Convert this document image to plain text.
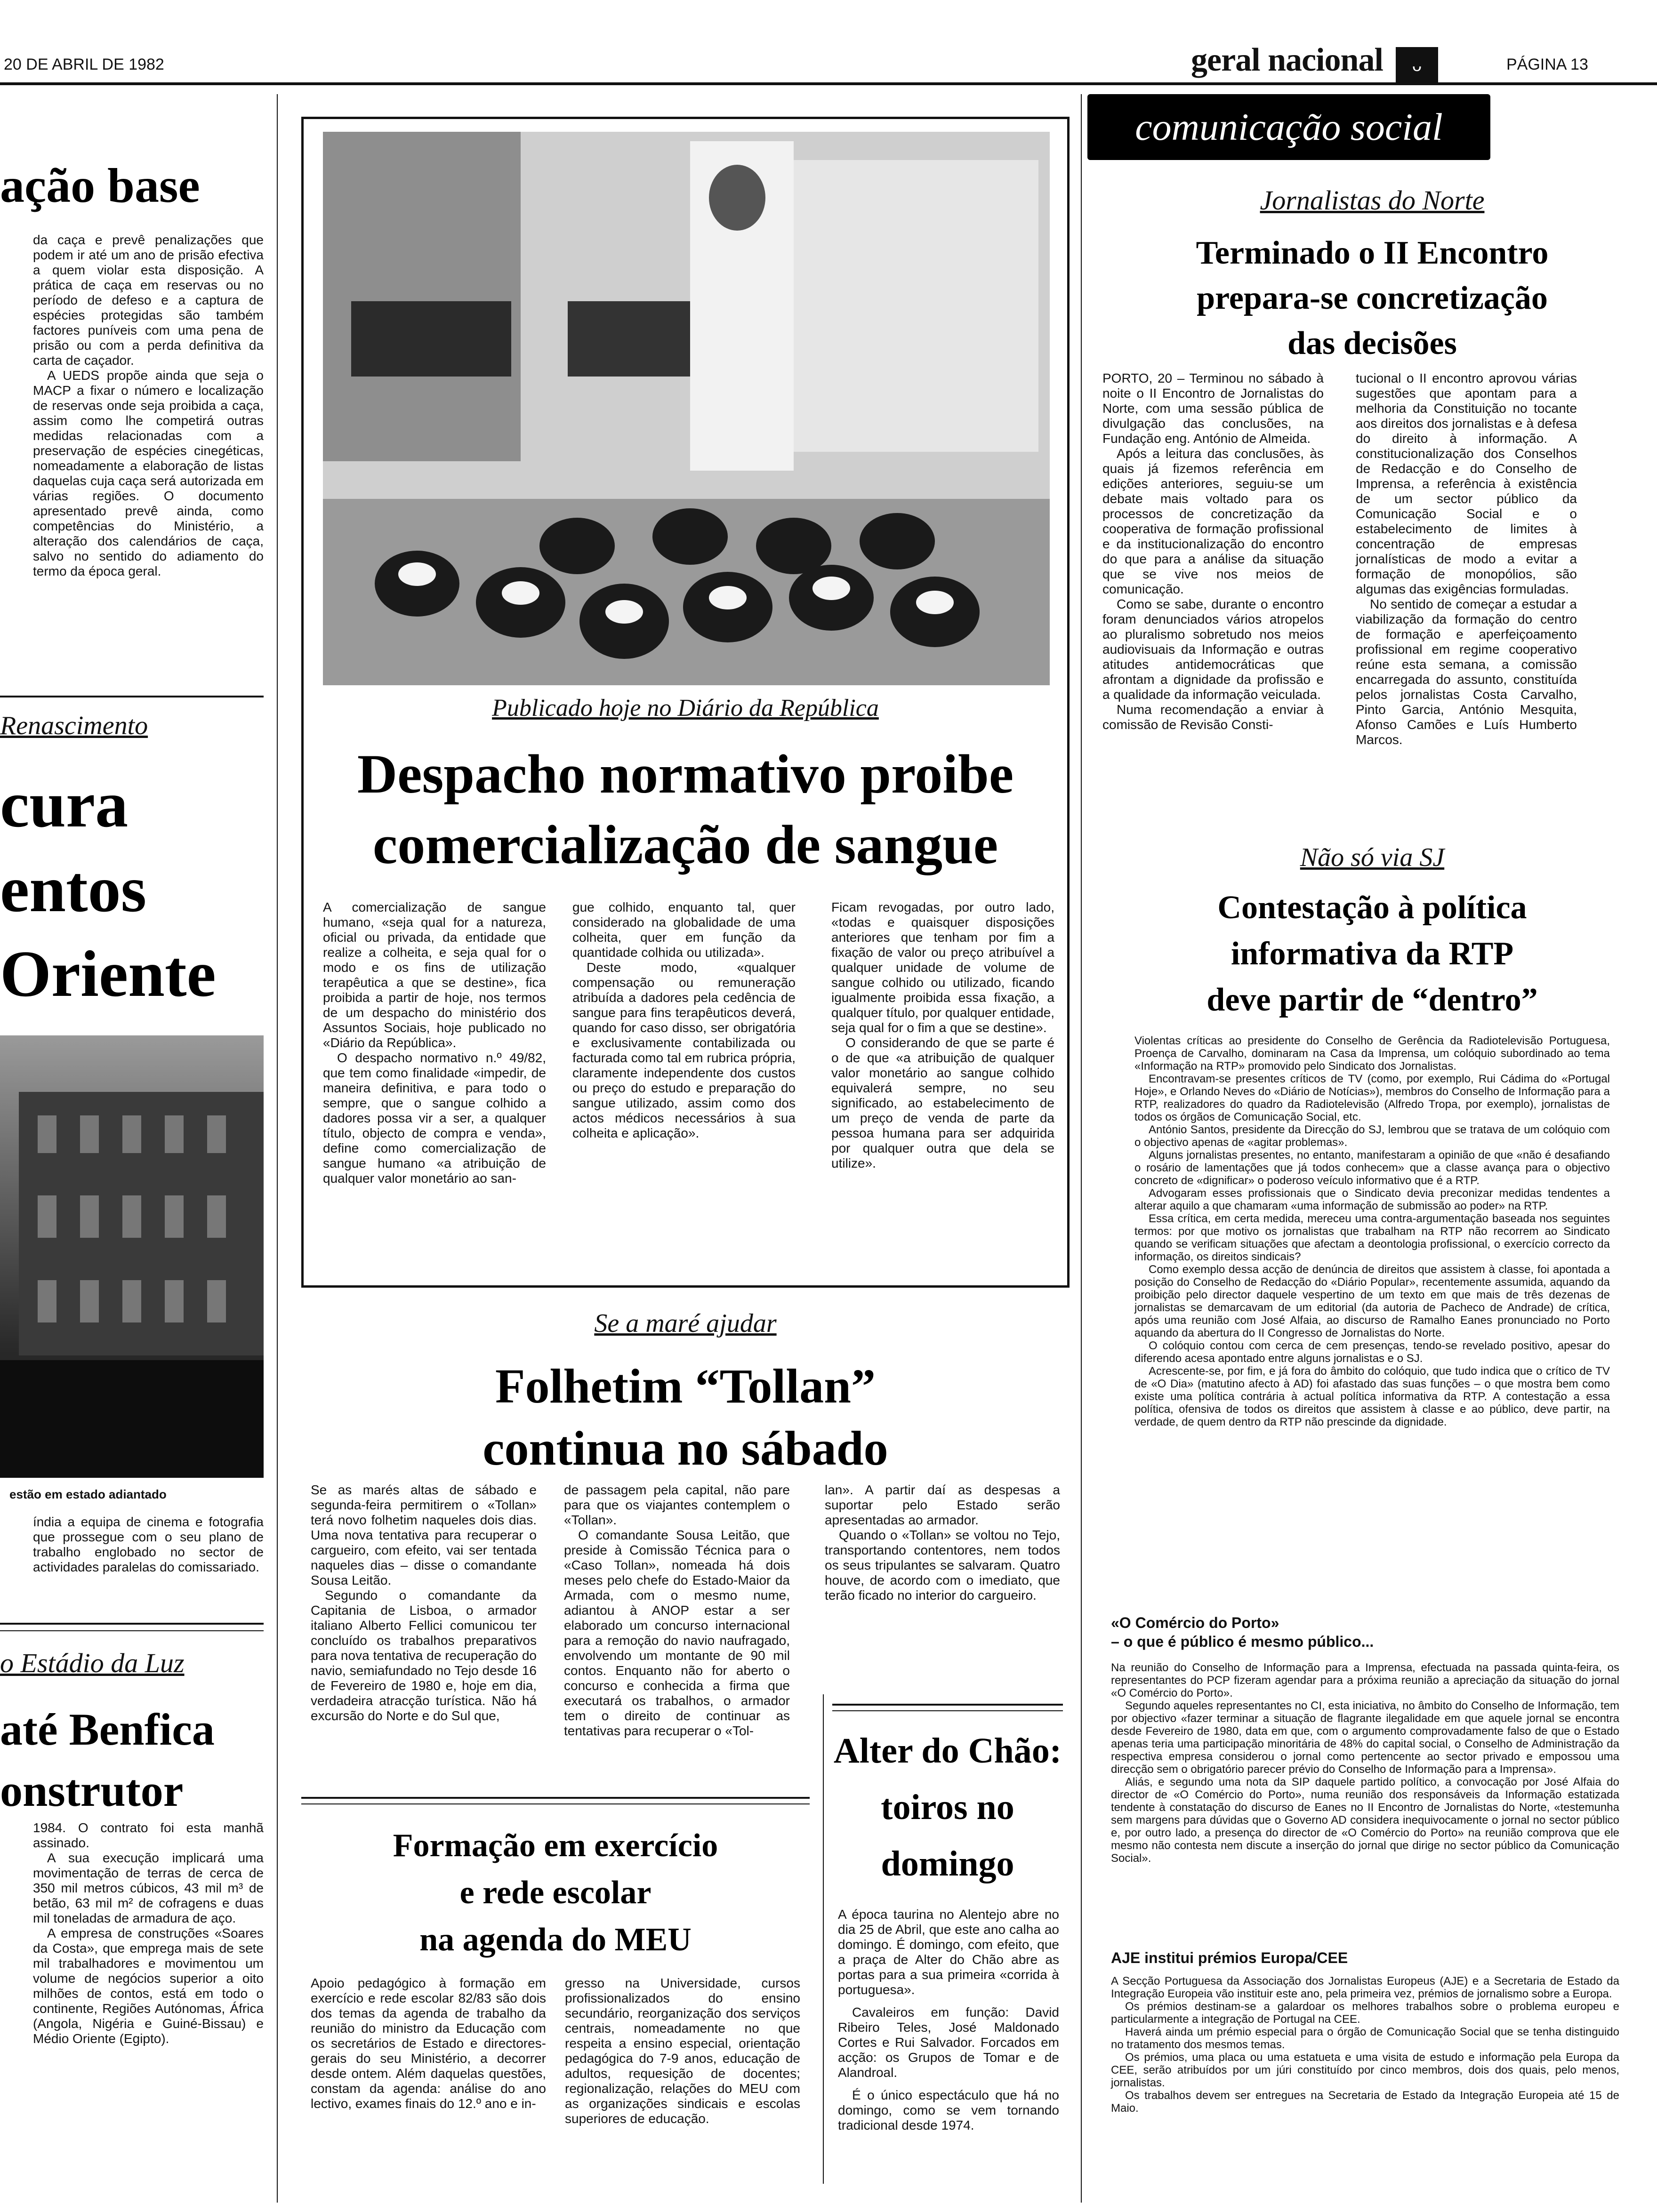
20 DE ABRIL DE 1982	geral nacional	ᴗ	PÁGINA 13
ação base

da caça e prevê penalizações que podem ir até um ano de prisão efectiva a quem violar esta disposição. A prática de caça em reservas ou no período de defeso e a captura de espécies protegidas são também factores puníveis com uma pena de prisão ou com a perda definitiva da carta de caçador.

A UEDS propõe ainda que seja o MACP a fixar o número e localização de reservas onde seja proibida a caça, assim como lhe competirá outras medidas relacionadas com a preservação de espécies cinegéticas, nomeadamente a elaboração de listas daquelas cuja caça será autorizada em várias regiões. O documento apresentado prevê ainda, como competências do Ministério, a alteração dos calendários de caça, salvo no sentido do adiamento do termo da época geral.

Renascimento
cura
entos
Oriente
estão em estado adiantado

índia a equipa de cinema e fotografia que prossegue com o seu plano de trabalho englobado no sector de actividades paralelas do comissariado.

o Estádio da Luz
até Benfica
onstrutor

1984. O contrato foi esta manhã assinado.

A sua execução implicará uma movimentação de terras de cerca de 350 mil metros cúbicos, 43 mil m³ de betão, 63 mil m² de cofragens e duas mil toneladas de armadura de aço.

A empresa de construções «Soares da Costa», que emprega mais de sete mil trabalhadores e movimentou um volume de negócios superior a oito milhões de contos, está em todo o continente, Regiões Autónomas, África (Angola, Nigéria e Guiné-Bissau) e Médio Oriente (Egipto).

Publicado hoje no Diário da República
Despacho normativo proibe
comercialização de sangue

A comercialização de sangue humano, «seja qual for a natureza, oficial ou privada, da entidade que realize a colheita, e seja qual for o modo e os fins de utilização terapêutica a que se destine», fica proibida a partir de hoje, nos termos de um despacho do ministério dos Assuntos Sociais, hoje publicado no «Diário da República».

O despacho normativo n.º 49/82, que tem como finalidade «impedir, de maneira definitiva, e para todo o sempre, que o sangue colhido a dadores possa vir a ser, a qualquer título, objecto de compra e venda», define como comercialização de sangue humano «a atribuição de qualquer valor monetário ao san-

gue colhido, enquanto tal, quer considerado na globalidade de uma colheita, quer em função da quantidade colhida ou utilizada».

Deste modo, «qualquer compensação ou remuneração atribuída a dadores pela cedência de sangue para fins terapêuticos deverá, quando for caso disso, ser obrigatória e exclusivamente contabilizada ou facturada como tal em rubrica própria, claramente independente dos custos ou preço do estudo e preparação do sangue utilizado, assim como dos actos médicos necessários à sua colheita e aplicação».

Ficam revogadas, por outro lado, «todas e quaisquer disposições anteriores que tenham por fim a fixação de valor ou preço atribuível a qualquer unidade de volume de sangue colhido ou utilizado, ficando igualmente proibida essa fixação, a qualquer título, por qualquer entidade, seja qual for o fim a que se destine».

O considerando de que se parte é o de que «a atribuição de qualquer valor monetário ao sangue colhido equivalerá sempre, no seu significado, ao estabelecimento de um preço de venda de parte da pessoa humana para ser adquirida por qualquer outra que dela se utilize».

Se a maré ajudar
Folhetim “Tollan”
continua no sábado

Se as marés altas de sábado e segunda-feira permitirem o «Tollan» terá novo folhetim naqueles dois dias. Uma nova tentativa para recuperar o cargueiro, com efeito, vai ser tentada naqueles dias – disse o comandante Sousa Leitão.

Segundo o comandante da Capitania de Lisboa, o armador italiano Alberto Fellici comunicou ter concluído os trabalhos preparativos para nova tentativa de recuperação do navio, semiafundado no Tejo desde 16 de Fevereiro de 1980 e, hoje em dia, verdadeira atracção turística. Não há excursão do Norte e do Sul que,

de passagem pela capital, não pare para que os viajantes contemplem o «Tollan».

O comandante Sousa Leitão, que preside à Comissão Técnica para o «Caso Tollan», nomeada há dois meses pelo chefe do Estado-Maior da Armada, com o mesmo nume, adiantou à ANOP estar a ser elaborado um concurso internacional para a remoção do navio naufragado, envolvendo um montante de 90 mil contos. Enquanto não for aberto o concurso e conhecida a firma que executará os trabalhos, o armador tem o direito de continuar as tentativas para recuperar o «Tol-

lan». A partir daí as despesas a suportar pelo Estado serão apresentadas ao armador.

Quando o «Tollan» se voltou no Tejo, transportando contentores, nem todos os seus tripulantes se salvaram. Quatro houve, de acordo com o imediato, que terão ficado no interior do cargueiro.

Formação em exercício
e rede escolar
na agenda do MEU

Apoio pedagógico à formação em exercício e rede escolar 82/83 são dois dos temas da agenda de trabalho da reunião do ministro da Educação com os secretários de Estado e directores-gerais do seu Ministério, a decorrer desde ontem. Além daquelas questões, constam da agenda: análise do ano lectivo, exames finais do 12.º ano e in-

gresso na Universidade, cursos profissionalizados do ensino secundário, reorganização dos serviços centrais, nomeadamente no que respeita a ensino especial, orientação pedagógica do 7-9 anos, educação de adultos, requesição de docentes; regionalização, relações do MEU com as organizações sindicais e escolas superiores de educação.

Alter do Chão:
toiros no
domingo

A época taurina no Alentejo abre no dia 25 de Abril, que este ano calha ao domingo. É domingo, com efeito, que a praça de Alter do Chão abre as portas para a sua primeira «corrida à portuguesa».

Cavaleiros em função: David Ribeiro Teles, José Maldonado Cortes e Rui Salvador. Forcados em acção: os Grupos de Tomar e de Alandroal.

É o único espectáculo que há no domingo, como se vem tornando tradicional desde 1974.

comunicação social
Jornalistas do Norte
Terminado o II Encontro
prepara-se concretização
das decisões

PORTO, 20 – Terminou no sábado à noite o II Encontro de Jornalistas do Norte, com uma sessão pública de divulgação das conclusões, na Fundação eng. António de Almeida.

Após a leitura das conclusões, às quais já fizemos referência em edições anteriores, seguiu-se um debate mais voltado para os processos de concretização da cooperativa de formação profissional e da institucionalização do encontro do que para a análise da situação que se vive nos meios de comunicação.

Como se sabe, durante o encontro foram denunciados vários atropelos ao pluralismo sobretudo nos meios audiovisuais da Informação e outras atitudes antidemocráticas que afrontam a dignidade da profissão e a qualidade da informação veiculada.

Numa recomendação a enviar à comissão de Revisão Consti-

tucional o II encontro aprovou várias sugestões que apontam para a melhoria da Constituição no tocante aos direitos dos jornalistas e à defesa do direito à informação. A constitucionalização dos Conselhos de Redacção e do Conselho de Imprensa, a referência à existência de um sector público da Comunicação Social e o estabelecimento de limites à concentração de empresas jornalísticas de modo a evitar a formação de monopólios, são algumas das exigências formuladas.

No sentido de começar a estudar a viabilização da formação do centro de formação e aperfeiçoamento profissional em regime cooperativo reúne esta semana, a comissão encarregada do assunto, constituída pelos jornalistas Costa Carvalho, Pinto Garcia, António Mesquita, Afonso Camões e Luís Humberto Marcos.

Não só via SJ
Contestação à política
informativa da RTP
deve partir de “dentro”

Violentas críticas ao presidente do Conselho de Gerência da Radiotelevisão Portuguesa, Proença de Carvalho, dominaram na Casa da Imprensa, um colóquio subordinado ao tema «Informação na RTP» promovido pelo Sindicato dos Jornalistas.

Encontravam-se presentes críticos de TV (como, por exemplo, Rui Cádima do «Portugal Hoje», e Orlando Neves do «Diário de Notícias»), membros do Conselho de Informação para a RTP, realizadores do quadro da Radiotelevisão (Alfredo Tropa, por exemplo), jornalistas de todos os órgãos de Comunicação Social, etc.

António Santos, presidente da Direcção do SJ, lembrou que se tratava de um colóquio com o objectivo apenas de «agitar problemas».

Alguns jornalistas presentes, no entanto, manifestaram a opinião de que «não é desafiando o rosário de lamentações que já todos conhecem» que a classe avança para o objectivo concreto de «dignificar» o poderoso veículo informativo que é a RTP.

Advogaram esses profissionais que o Sindicato devia preconizar medidas tendentes a alterar aquilo a que chamaram «uma informação de submissão ao poder» na RTP.

Essa crítica, em certa medida, mereceu uma contra-argumentação baseada nos seguintes termos: por que motivo os jornalistas que trabalham na RTP não recorrem ao Sindicato quando se verificam situações que afectam a deontologia profissional, o exercício correcto da informação, os direitos sindicais?

Como exemplo dessa acção de denúncia de direitos que assistem à classe, foi apontada a posição do Conselho de Redacção do «Diário Popular», recentemente assumida, aquando da proibição pelo director daquele vespertino de um texto em que mais de três dezenas de jornalistas se demarcavam de um editorial (da autoria de Pacheco de Andrade) de crítica, após uma reunião com José Alfaia, ao discurso de Ramalho Eanes pronunciado no Porto aquando da abertura do II Congresso de Jornalistas do Norte.

O colóquio contou com cerca de cem presenças, tendo-se revelado positivo, apesar do diferendo acesa apontado entre alguns jornalistas e o SJ.

Acrescente-se, por fim, e já fora do âmbito do colóquio, que tudo indica que o crítico de TV de «O Dia» (matutino afecto à AD) foi afastado das suas funções – o que mostra bem como existe uma política contrária à actual política informativa da RTP. A contestação a essa política, ofensiva de todos os direitos que assistem à classe e ao público, deve partir, na verdade, de quem dentro da RTP não prescinde da dignidade.

«O Comércio do Porto»
– o que é público é mesmo público...

Na reunião do Conselho de Informação para a Imprensa, efectuada na passada quinta-feira, os representantes do PCP fizeram agendar para a próxima reunião a apreciação da situação do jornal «O Comércio do Porto».

Segundo aqueles representantes no CI, esta iniciativa, no âmbito do Conselho de Informação, tem por objectivo «fazer terminar a situação de flagrante ilegalidade em que aquele jornal se encontra desde Fevereiro de 1980, data em que, com o argumento comprovadamente falso de que o Estado apenas teria uma participação minoritária de 48% do capital social, o Conselho de Administração da respectiva empresa considerou o jornal como pertencente ao sector privado e empossou uma direcção sem o obrigatório parecer prévio do Conselho de Informação para a Imprensa».

Aliás, e segundo uma nota da SIP daquele partido político, a convocação por José Alfaia do director de «O Comércio do Porto», numa reunião dos responsáveis da Informação estatizada tendente à constatação do discurso de Eanes no II Encontro de Jornalistas do Norte, «testemunha sem margens para dúvidas que o Governo AD considera inequivocamente o jornal no sector público e, por outro lado, a presença do director de «O Comércio do Porto» na reunião comprova que ele mesmo não contesta nem discute a inserção do jornal que dirige no sector público da Comunicação Social».

AJE institui prémios Europa/CEE

A Secção Portuguesa da Associação dos Jornalistas Europeus (AJE) e a Secretaria de Estado da Integração Europeia vão instituir este ano, pela primeira vez, prémios de jornalismo sobre a Europa.

Os prémios destinam-se a galardoar os melhores trabalhos sobre o problema europeu e particularmente a integração de Portugal na CEE.

Haverá ainda um prémio especial para o órgão de Comunicação Social que se tenha distinguido no tratamento dos mesmos temas.

Os prémios, uma placa ou uma estatueta e uma visita de estudo e informação pela Europa da CEE, serão atribuídos por um júri constituído por cinco membros, dois dos quais, pelo menos, jornalistas.

Os trabalhos devem ser entregues na Secretaria de Estado da Integração Europeia até 15 de Maio.
